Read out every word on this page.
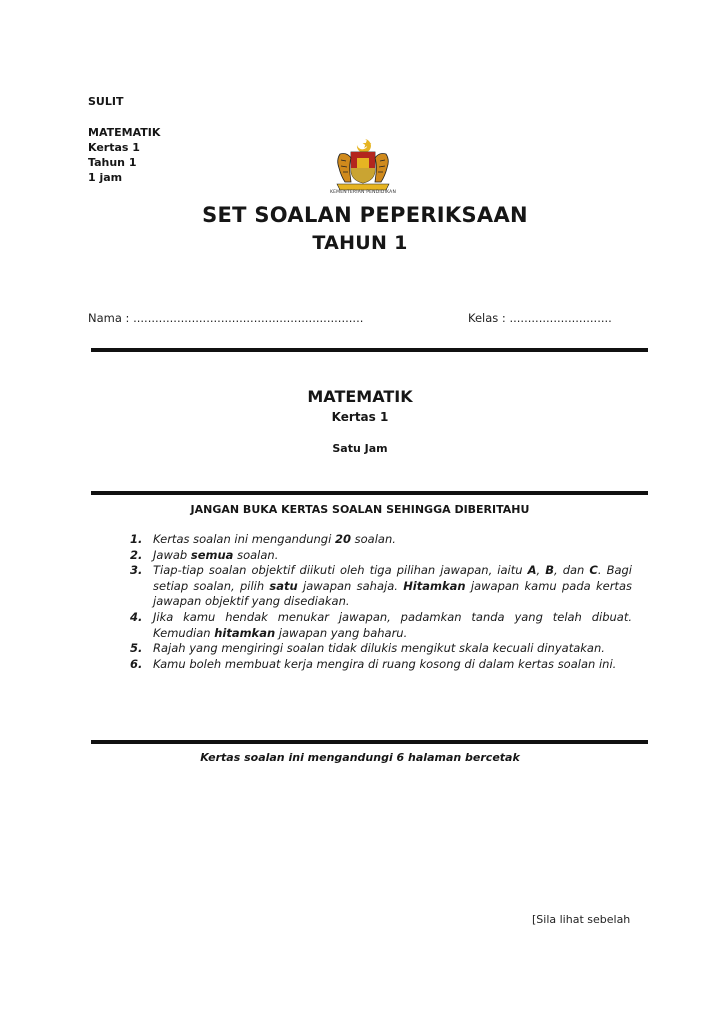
SULIT
MATEMATIK
Kertas 1
Tahun 1
1 jam
KEMENTERIAN PENDIDIKAN
SET SOALAN PEPERIKSAAN
TAHUN 1
Nama : ...............................................................	Kelas : ............................
MATEMATIK
Kertas 1
Satu Jam
JANGAN BUKA KERTAS SOALAN SEHINGGA DIBERITAHU
1. Kertas soalan ini mengandungi 20 soalan.
2. Jawab semua soalan.
3. Tiap-tiap soalan objektif diikuti oleh tiga pilihan jawapan, iaitu A, B, dan C. Bagi setiap soalan, pilih satu jawapan sahaja. Hitamkan jawapan kamu pada kertas jawapan objektif yang disediakan.
4. Jika kamu hendak menukar jawapan, padamkan tanda yang telah dibuat. Kemudian hitamkan jawapan yang baharu.
5. Rajah yang mengiringi soalan tidak dilukis mengikut skala kecuali dinyatakan.
6. Kamu boleh membuat kerja mengira di ruang kosong di dalam kertas soalan ini.
Kertas soalan ini mengandungi 6 halaman bercetak
[Sila lihat sebelah
